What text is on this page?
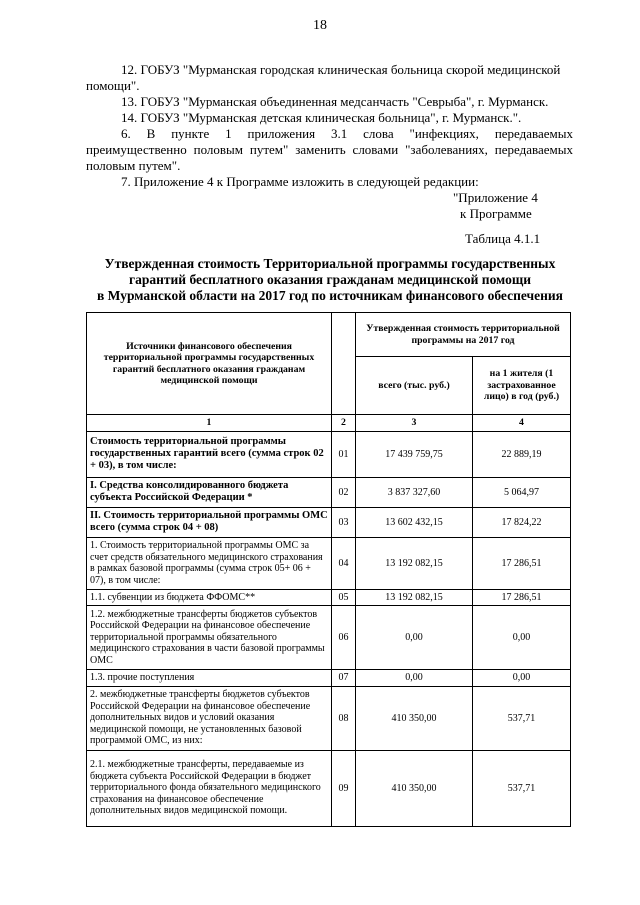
18
12. ГОБУЗ "Мурманская городская клиническая больница скорой медицинской
помощи".
13. ГОБУЗ "Мурманская объединенная медсанчасть "Севрыба", г. Мурманск.
14. ГОБУЗ "Мурманская детская клиническая больница", г. Мурманск.".
6. В пункте 1 приложения 3.1 слова "инфекциях, передаваемых
преимущественно половым путем" заменить словами "заболеваниях, передаваемых
половым путем".
7. Приложение 4 к Программе изложить в следующей редакции:
"Приложение 4
к Программе
Таблица 4.1.1
Утвержденная стоимость Территориальной программы государственных
гарантий бесплатного оказания гражданам медицинской помощи
в Мурманской области на 2017 год по источникам финансового обеспечения
Источники финансового обеспечения территориальной программы государственных гарантий бесплатного оказания гражданам медицинской помощи		Утвержденная стоимость территориальной программы на 2017 год	
		всего (тыс. руб.)	на 1 жителя (1 застрахованное лицо) в год (руб.)
1	2	3	4
Стоимость территориальной программы государственных гарантий всего (сумма строк 02 + 03), в том числе:	01	17 439 759,75	22 889,19
I. Средства консолидированного бюджета субъекта Российской Федерации *	02	3 837 327,60	5 064,97
II. Стоимость территориальной программы ОМС всего (сумма строк 04 + 08)	03	13 602 432,15	17 824,22
1. Стоимость территориальной программы ОМС за счет средств обязательного медицинского страхования в рамках базовой программы (сумма строк 05+ 06 + 07), в том числе:	04	13 192 082,15	17 286,51
1.1. субвенции из бюджета ФФОМС**	05	13 192 082,15	17 286,51
1.2. межбюджетные трансферты бюджетов субъектов Российской Федерации на финансовое обеспечение территориальной программы обязательного медицинского страхования в части базовой программы ОМС	06	0,00	0,00
1.3. прочие поступления	07	0,00	0,00
2. межбюджетные трансферты бюджетов субъектов Российской Федерации на финансовое обеспечение дополнительных видов и условий оказания медицинской помощи, не установленных базовой программой ОМС, из них:	08	410 350,00	537,71
2.1. межбюджетные трансферты, передаваемые из бюджета субъекта Российской Федерации в бюджет территориального фонда обязательного медицинского страхования на финансовое обеспечение дополнительных видов медицинской помощи.	09	410 350,00	537,71
